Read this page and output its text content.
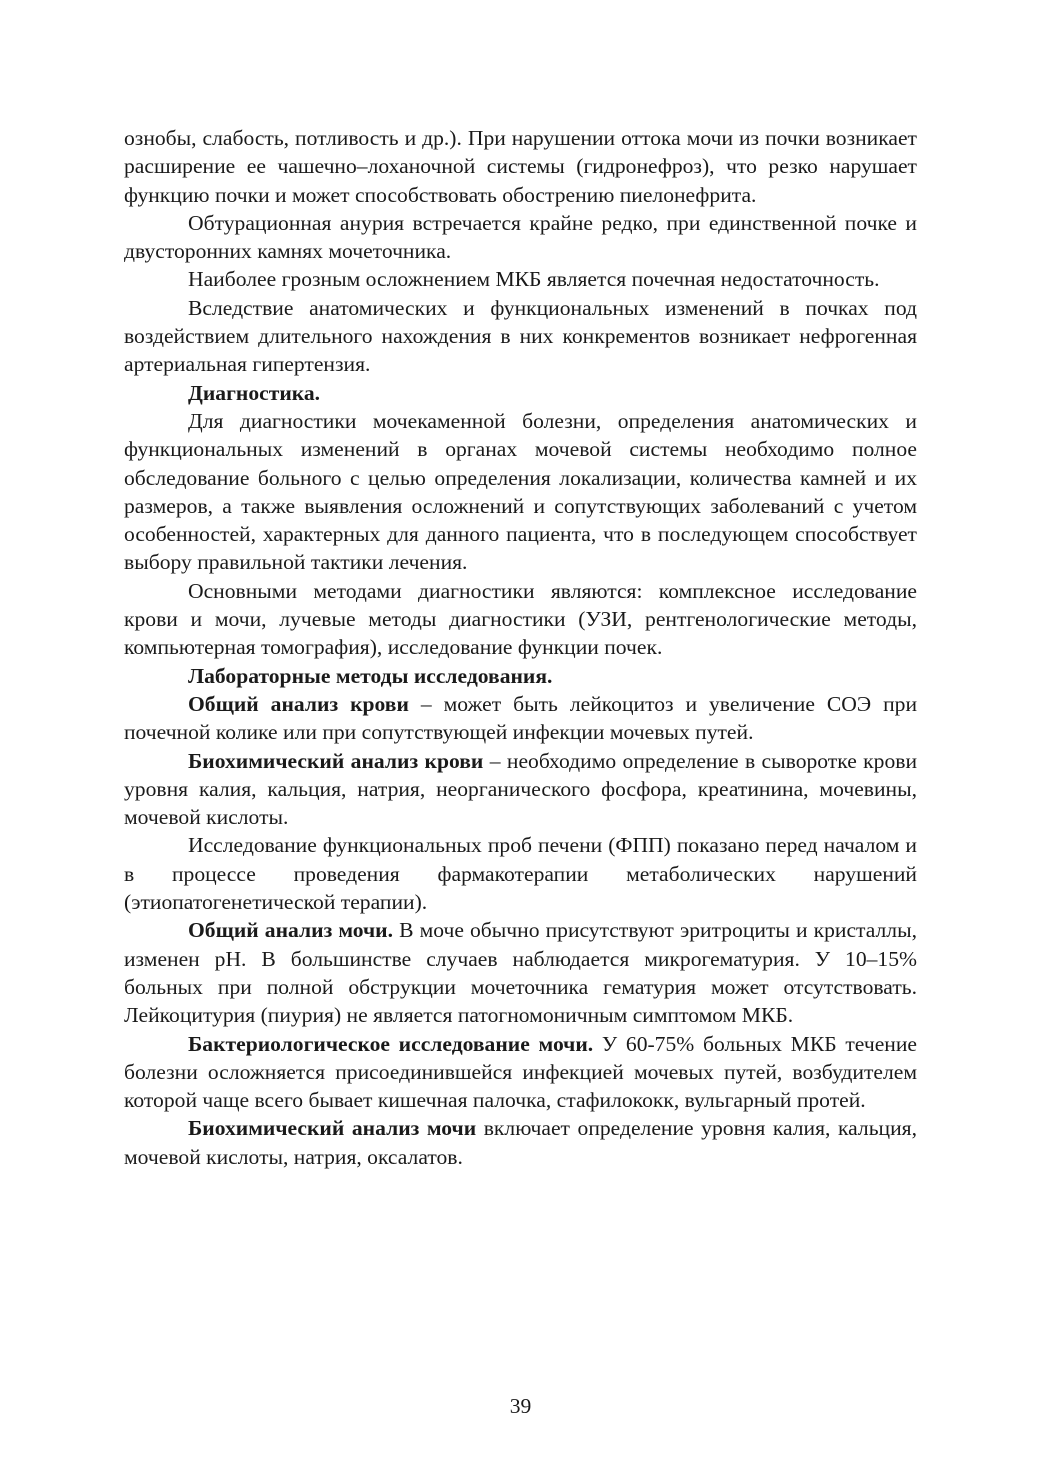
ознобы, слабость, потливость и др.). При нарушении оттока мочи из почки возникает расширение ее чашечно–лоханочной системы (гидронефроз), что резко нарушает функцию почки и может способствовать обострению пиелонефрита.

Обтурационная анурия встречается крайне редко, при единственной почке и двусторонних камнях мочеточника.

Наиболее грозным осложнением МКБ является почечная недостаточность.

Вследствие анатомических и функциональных изменений в почках под воздействием длительного нахождения в них конкрементов возникает нефрогенная артериальная гипертензия.

Диагностика.

Для диагностики мочекаменной болезни, определения анатомических и функциональных изменений в органах мочевой системы необходимо полное обследование больного с целью определения локализации, количества камней и их размеров, а также выявления осложнений и сопутствующих заболеваний с учетом особенностей, характерных для данного пациента, что в последующем способствует выбору правильной тактики лечения.

Основными методами диагностики являются: комплексное исследование крови и мочи, лучевые методы диагностики (УЗИ, рентгенологические методы, компьютерная томография), исследование функции почек.

Лабораторные методы исследования.

Общий анализ крови – может быть лейкоцитоз и увеличение СОЭ при почечной колике или при сопутствующей инфекции мочевых путей.

Биохимический анализ крови – необходимо определение в сыворотке крови уровня калия, кальция, натрия, неорганического фосфора, креатинина, мочевины, мочевой кислоты.

Исследование функциональных проб печени (ФПП) показано перед началом и в процессе проведения фармакотерапии метаболических нарушений (этиопатогенетической терапии).

Общий анализ мочи. В моче обычно присутствуют эритроциты и кристаллы, изменен pH. В большинстве случаев наблюдается микрогематурия. У 10–15% больных при полной обструкции мочеточника гематурия может отсутствовать. Лейкоцитурия (пиурия) не является патогномоничным симптомом МКБ.

Бактериологическое исследование мочи. У 60-75% больных МКБ течение болезни осложняется присоединившейся инфекцией мочевых путей, возбудителем которой чаще всего бывает кишечная палочка, стафилококк, вульгарный протей.

Биохимический анализ мочи включает определение уровня калия, кальция, мочевой кислоты, натрия, оксалатов.

39
